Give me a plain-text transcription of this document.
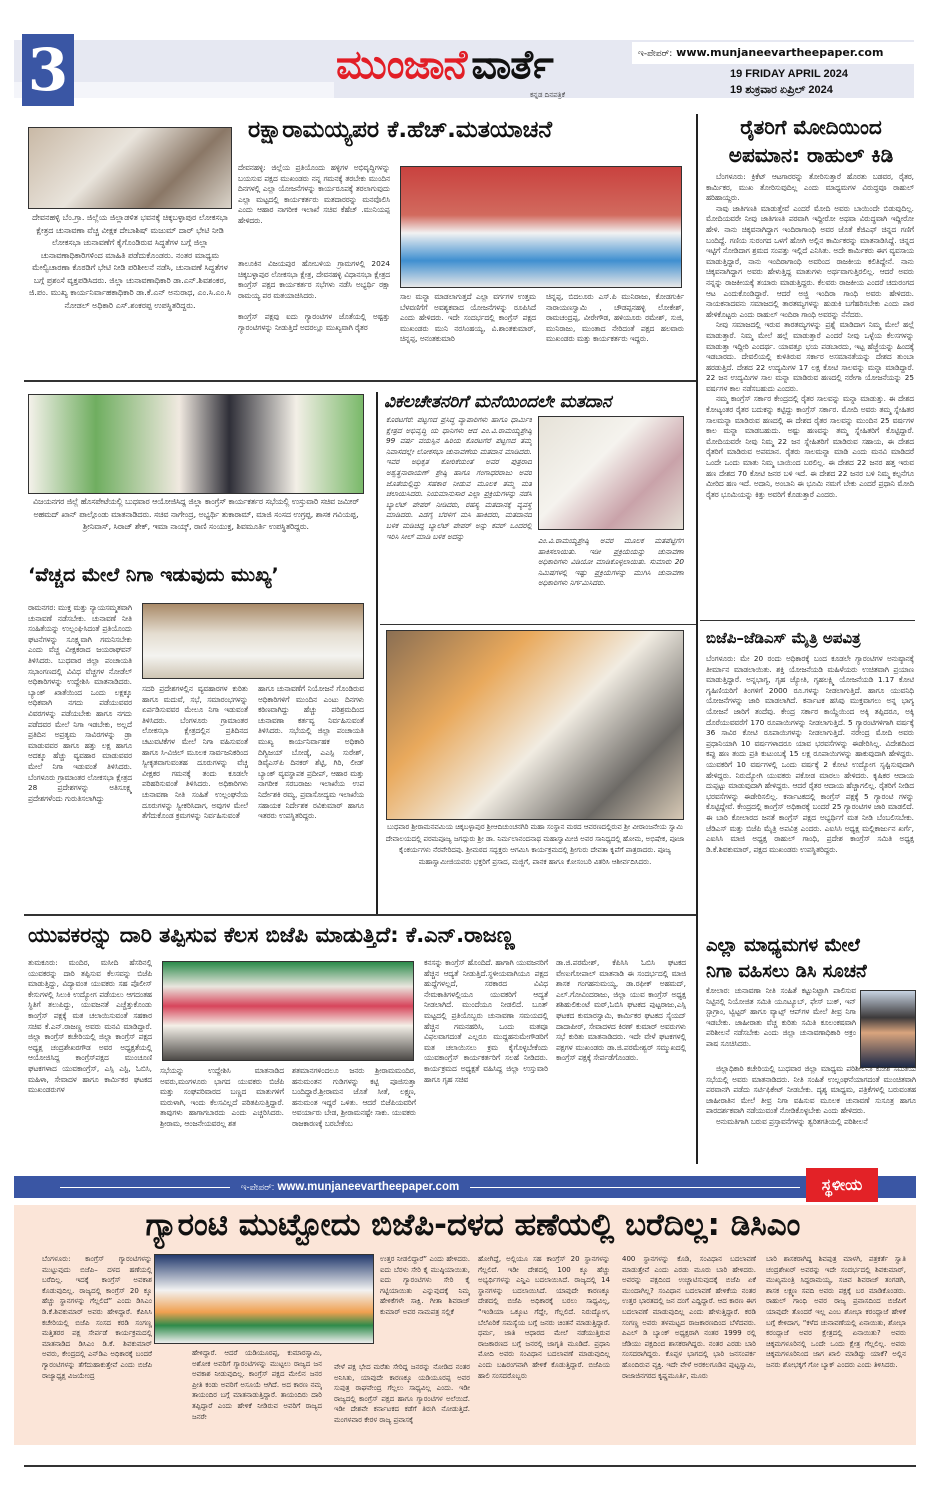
3	ಮುಂಜಾನೆ ವಾರ್ತೆ
ಕನ್ನಡ ದಿನಪತ್ರಿಕೆ
ಇ-ಪೇಪರ್: www.munjaneevartheepaper.com
19 FRIDAY APRIL 2024
19 ಶುಕ್ರವಾರ ಏಪ್ರಿಲ್ 2024
ದೇವನಹಳ್ಳಿ ಬೆಂ.ಗ್ರಾ. ಜಿಲ್ಲೆಯ ಜಿಲ್ಲಾಡಳಿತ ಭವನಕ್ಕೆ ಚಿಕ್ಕಬಳ್ಳಾಪುರ ಲೋಕಸಭಾ ಕ್ಷೇತ್ರದ ಚುನಾವಣಾ ವೆಚ್ಚ ವೀಕ್ಷಕ ದೇಬಾಶಿಷ್ ಮಜುಮ್ ದಾರ್ ಭೇಟಿ ನೀಡಿ ಲೋಕಸಭಾ ಚುನಾವಣೆಗೆ ಕೈಗೊಂಡಿರುವ ಸಿದ್ಧತೆಗಳ ಬಗ್ಗೆ ಜಿಲ್ಲಾ ಚುನಾವಣಾಧಿಕಾರಿಗಳಿಂದ ಮಾಹಿತಿ ಪಡೆದುಕೊಂಡರು. ನಂತರ ಮಾಧ್ಯಮ ಮೇಲ್ವಿಚಾರಣಾ ಕೊಠಡಿಗೆ ಭೇಟಿ ನೀಡಿ ಪರಿಶೀಲನೆ ನಡೆಸಿ, ಚುನಾವಣೆ ಸಿದ್ಧತೆಗಳ ಬಗ್ಗೆ ಪ್ರಶಂಸೆ ವ್ಯಕ್ತಪಡಿಸಿದರು. ಜಿಲ್ಲಾ ಚುನಾವಣಾಧಿಕಾರಿ ಡಾ.ಎನ್.ಶಿವಶಂಕರ, ಜಿ.ಪಂ. ಮುಖ್ಯ ಕಾರ್ಯನಿರ್ವಾಹಕಾಧಿಕಾರಿ ಡಾ.ಕೆ.ಎನ್ ಅನುರಾಧ, ಎಂ.ಸಿ.ಎಂ.ಸಿ ನೋಡಲ್ ಅಧಿಕಾರಿ ಎಸ್.ಶಂಕರಪ್ಪ ಉಪಸ್ಥಿತರಿದ್ದರು.
ರಕ್ಷಾರಾಮಯ್ಯಪರ ಕೆ.ಹೆಚ್.ಮತಯಾಚನೆ
ದೇವನಹಳ್ಳಿ: ಜಿಲ್ಲೆಯ ಪ್ರತಿಯೊಂದು ಹಳ್ಳಿಗಳ ಅಭಿವೃದ್ಧಿಗಳನ್ನು ಬಯಸುವ ಪಕ್ಷದ ಮುಖಂಡರು ನನ್ನ ಗಮನಕ್ಕೆ ತರಬೇಕು ಮುಂದಿನ ದಿನಗಳಲ್ಲಿ ಎಲ್ಲಾ ಯೋಜನೆಗಳನ್ನು ಕಾರ್ಯರೂಪಕ್ಕೆ ತರಲಾಗುವುದು ಎಲ್ಲಾ ಮಟ್ಟದಲ್ಲಿ ಕಾರ್ಯಕರ್ತರು ಮತದಾರರನ್ನು ಮನವೊಲಿಸಿ ಎಂದು ಆಹಾರ ನಾಗರೀಕ ಇಲಾಖೆ ಸಚಿವ ಕೆಹೆಚ್ .ಮುನಿಯಪ್ಪ ಹೇಳಿದರು.
ತಾಲೂಕಿನ ವಿಜಯಪುರ ಹೋಬಳಿಯ ಗ್ರಾಮಗಳಲ್ಲಿ 2024 ಚಿಕ್ಕಬಳ್ಳಾಪುರ ಲೋಕಸಭಾ ಕ್ಷೇತ್ರ, ದೇವನಹಳ್ಳಿ ವಿಧಾನಸಭಾ ಕ್ಷೇತ್ರದ ಕಾಂಗ್ರೆಸ್ ಪಕ್ಷದ ಕಾರ್ಯಕರ್ತರ ಸಭೆಗಳು ನಡೆಸಿ ಅಭ್ಯರ್ಥಿ ರಕ್ಷಾ ರಾಮಯ್ಯ ಪರ ಮತಯಾಚಿಸಿದರು.
ಕಾಂಗ್ರೆಸ್ ಪಕ್ಷವು ಐದು ಗ್ಯಾರಂಟಿಗಳ ಜೊತೆಯಲ್ಲಿ ಅಷ್ಟತ್ತು ಗ್ಯಾರಂಟಿಗಳನ್ನು ನೀಡುತ್ತಿದೆ ಅದರಲ್ಲೂ ಮುಖ್ಯವಾಗಿ ರೈತರ
ಸಾಲ ಮನ್ನಾ ಮಾಡಲಾಗುತ್ತದೆ ಎಲ್ಲಾ ವರ್ಗಗಳ ಉತ್ತಮ ಬೆಳವಣಿಗೆಗೆ ಅವಶ್ಯಕವಾದ ಯೋಜನೆಗಳನ್ನು ರೂಪಿಸಿದೆ ಎಂದು ಹೇಳಿದರು. ಇದೇ ಸಂದರ್ಭದಲ್ಲಿ ಕಾಂಗ್ರೆಸ್ ಪಕ್ಷದ ಮುಖಂಡರು ಮುನಿ ನರಸಿಂಹಯ್ಯ, ವಿ.ಶಾಂತಕುಮಾರ್, ಚಿನ್ನಪ್ಪ, ಅನಂತಕುಮಾರಿ
ಚಿನ್ನಪ್ಪ, ಬಿದಲೂರು ಎಸ್.ಪಿ ಮುನಿರಾಜು, ಕೋಡಗುರ್ಕಿ ನಾರಾಯಣಸ್ವಾಮಿ , ಚೌಡಪ್ಪನಹಳ್ಳಿ ಲೋಕೇಶ್, ರಾಮಚಂದ್ರಪ್ಪ, ವೀರೇಗೌಡ, ಹಳಿಯೂರು ರಮೇಶ್, ಸುಜಿ, ಮುನಿರಾಜು, ಮುಂತಾದ ನೇರಿದಂತೆ ಪಕ್ಷದ ಹಲವಾರು ಮುಖಂಡರು ಮತ್ತು ಕಾರ್ಯಕರ್ತರು ಇದ್ದರು.
ರೈತರಿಗೆ ಮೋದಿಯಿಂದ
ಅಪಮಾನ: ರಾಹುಲ್ ಕಿಡಿ

ಬೆಂಗಳೂರು: ಕ್ರಿಕೆಟ್ ಆಟಗಾರರನ್ನು ತೋರಿಸುತ್ತಾರೆ ಹೊರತು ಬಡವರ, ರೈತರ, ಕಾರ್ಮಿಕರ, ಮುಖ ತೋರಿಸುವುದಿಲ್ಲ ಎಂದು ಮಾಧ್ಯಮಗಳ ವಿರುದ್ಧವೂ ರಾಹುಲ್ ಹರಿಹಾಯ್ದರು.

ನಾವು ಜಾತಿಗಣತಿ ಮಾಡುತ್ತೇವೆ ಎಂದರೆ ಮೋದಿ ಅವರು ಬಾಯಿಂದೇ ಬಿಡುವುದಿಲ್ಲ. ಮೋದಿಯವರೇ ನೀವು ಜಾತಿಗಣತಿ ಪರವಾಗಿ ಇದ್ದೀರೋ ಅಥವಾ ವಿರುದ್ಧವಾಗಿ ಇದ್ದೀರೋ ಹೇಳಿ. ನಾನು ಚಿಕ್ಕವನಾಗಿದ್ದಾಗ ಇಂದಿರಾಗಾಂಧಿ ಅವರ ಜೊತೆ ಕೆಜಿಎಫ್ ಚಿನ್ನದ ಗಣಿಗೆ ಬಂದಿದ್ದೆ. ಗಣಿಯ ಸುರಂಗದ ಒಳಗೆ ಹೋಗಿ ಅಲ್ಲಿನ ಕಾರ್ಮಿಕರನ್ನು ಮಾತನಾಡಿಸಿದ್ದೆ. ಚಿನ್ನದ ಇಟ್ಟಿಗೆ ನೋಡಿದಾಗ ಶ್ರಮದ ಸಂಪತ್ತು ಇಲ್ಲಿದೆ ಎನಿಸಿತು. ಅದೇ ಕಾರ್ಮಿಕರು ಈಗ ವ್ಯವಸಾಯ ಮಾಡುತ್ತಿದ್ದಾರೆ, ನಾನು ಇಂದಿರಾಗಾಂಧಿ ಅವರಿಂದ ರಾಜಕೀಯ ಕಲಿತಿದ್ದೇನೆ. ನಾನು ಚಿಕ್ಕವನಾಗಿದ್ದಾಗ ಅವರು ಹೇಳುತ್ತಿದ್ದ ಮಾತುಗಳು ಅರ್ಥವಾಗುತ್ತಿರಲಿಲ್ಲ. ಆದರೆ ಅವರು ನನ್ನನ್ನು ರಾಜಕೀಯಕ್ಕೆ ತಯಾರು ಮಾಡುತ್ತಿದ್ದರು. ಕೆಲವರು ರಾಜಕೀಯ ಎಂದರೆ ಚದುರಂಗದ ಆಟ ಎಂದುಕೊಂಡಿದ್ದಾರೆ. ಆದರೆ ಅಜ್ಜಿ ಇಂದಿರಾ ಗಾಂಧಿ ಅವರು ಹೇಳಿದರು. ನಾಯಕನಾದವನು ಸಮಾಜದಲ್ಲಿ ತಾರತಮ್ಯಗಳನ್ನು ಹುಡುಕಿ ಬಗೆಹರಿಸಬೇಕು ಎಂದು ಪಾಠ ಹೇಳಿಕೊಟ್ಟರು ಎಂದು ರಾಹುಲ್ ಇಂದಿರಾ ಗಾಂಧಿ ಅವರನ್ನು ನೆನೆದರು.

ನೀವು ಸಮಾಜದಲ್ಲಿ ಇರುವ ತಾರತಮ್ಯಗಳನ್ನು ಪ್ರಶ್ನೆ ಮಾಡಿದಾಗ ನಿಮ್ಮ ಮೇಲೆ ಹಲ್ಲೆ ಮಾಡುತ್ತಾರೆ. ನಿಮ್ಮ ಮೇಲೆ ಹಲ್ಲೆ ಮಾಡುತ್ತಾರೆ ಎಂದರೆ ನೀವು ಒಳ್ಳೆಯ ಕೆಲಸಗಳನ್ನು ಮಾಡುತ್ತಾ ಇದ್ದೀರಿ ಎಂದರ್ಥ. ಯಾವತ್ತೂ ಭಯ ಪಡಬಾರದು, ಇಟ್ಟ ಹೆಜ್ಜೆಯನ್ನು ಹಿಂದಕ್ಕೆ ಇಡಬಾರದು. ದೇವಲಿಯಲ್ಲಿ ಕುಳಿತಿರುವ ಸರ್ಕಾರ ಅಸಮಾನತೆಯನ್ನು ದೇಶದ ತುಂಬಾ ಹರಡುತ್ತಿದೆ. ದೇಶದ 22 ಉದ್ಯಮಿಗಳ 17 ಲಕ್ಷ ಕೋಟಿ ಸಾಲವನ್ನು ಮನ್ನಾ ಮಾಡಿದ್ದಾರೆ. 22 ಜನ ಉದ್ಯಮಿಗಳ ಸಾಲ ಮನ್ನಾ ಮಾಡಿರುವ ಹಣದಲ್ಲಿ ನರೇಗಾ ಯೋಜನೆಯನ್ನು 25 ವರ್ಷಗಳ ಕಾಲ ನಡೆಸಬಹುದು ಎಂದರು.

ನಮ್ಮ ಕಾಂಗ್ರೆಸ್ ಸರ್ಕಾರ ಕೇಂದ್ರದಲ್ಲಿ ರೈತರ ಸಾಲವನ್ನು ಮನ್ನಾ ಮಾಡುತ್ತು. ಈ ದೇಶದ ಕೋಟ್ಯಂತರ ರೈತರ ಬದುಕನ್ನು ಕಟ್ಟಿದ್ದು ಕಾಂಗ್ರೆಸ್ ಸರ್ಕಾರ. ಮೋದಿ ಅವರು ತಮ್ಮ ಸ್ನೇಹಿತರ ಸಾಲಮನ್ನಾ ಮಾಡಿರುವ ಹಣದಲ್ಲಿ ಈ ದೇಶದ ರೈತರ ಸಾಲವನ್ನು ಮುಂದಿನ 25 ವರ್ಷಗಳ ಕಾಲ ಮನ್ನಾ ಮಾಡಬಹುದು. ಅಷ್ಟು ಹಣವನ್ನು ತಮ್ಮ ಸ್ನೇಹಿತರಿಗೆ ಕೊಟ್ಟಿದ್ದಾರೆ. ಮೋದಿಯವರೇ ನೀವು ನಿಮ್ಮ 22 ಜನ ಸ್ನೇಹಿತರಿಗೆ ಮಾಡಿರುವ ಸಹಾಯ, ಈ ದೇಶದ ರೈತರಿಗೆ ಮಾಡಿರುವ ಅಪಮಾನ. ರೈತರು ಸಾಲಮನ್ನಾ ಮಾಡಿ ಎಂದು ಮನವಿ ಮಾಡಿದರೆ ಒಂದೇ ಒಂದು ಮಾತು ನಿಮ್ಮ ಬಾಯಿಂದ ಬರಲಿಲ್ಲ. ಈ ದೇಶದ 22 ಜನರ ಹತ್ತ ಇರುವ ಹಣ ದೇಶದ 70 ಕೋಟಿ ಜನರ ಬಳಿ ಇದೆ. ಈ ದೇಶದ 22 ಜನರ ಬಳಿ ನಿಮ್ಮ ಕಲ್ಪನೆಗೂ ಮೀರಿದ ಹಣ ಇದೆ. ಅದಾನಿ, ಅಂಬಾನಿ ಈ ಭೂಮಿ ನಮಗೆ ಬೇಕು ಎಂದರೆ ಪ್ರಧಾನಿ ಮೋದಿ ರೈತರ ಭೂಮಿಯನ್ನು ಕಿತ್ತು ಅವರಿಗೆ ಕೊಡುತ್ತಾರೆ ಎಂದರು.

ವಿಜಯನಗರ ಜಿಲ್ಲೆ ಹೊಸಪೇಟೆಯಲ್ಲಿ ಬುಧವಾರ ಆಯೋಜಿಸಿದ್ದ ಜಿಲ್ಲಾ ಕಾಂಗ್ರೆಸ್ ಕಾರ್ಯಕರ್ತರ ಸಭೆಯಲ್ಲಿ ಉಸ್ತುವಾರಿ ಸಚಿವ ಜಮೀರ್ ಅಹಮದ್ ಖಾನ್ ಪಾಲ್ಗೊಂಡು ಮಾತನಾಡಿದರು. ಸಚಿವ ನಾಗೇಂದ್ರ, ಅಭ್ಯರ್ಥಿ ತುಕಾರಾಮ್, ಮಾಜಿ ಸಂಸದ ಉಗ್ರಪ್ಪ, ಶಾಸಕ ಗವಿಯಪ್ಪ, ಶ್ರೀನಿವಾಸ್, ಸಿರಾಜ್ ಶೇಕ್, ಇಮಾ ನಾಯ್ಕ್, ರಾಣಿ ಸಂಯುಕ್ತ, ಶಿವಮೂರ್ತಿ ಉಪಸ್ಥಿತರಿದ್ದರು.
ವಿಕಲಚೇತನರಿಗೆ ಮನೆಯಿಂದಲೇ ಮತದಾನ
ಕೊರಟಗೆರೆ: ಪಟ್ಟಣದ ಪ್ರಸಿದ್ಧ ವ್ಯಾಪಾರಿಗಳು ಹಾಗೂ ಧಾರ್ಮಿಕ ಕ್ಷೇತ್ರದ ಅಭಿವೃದ್ಧಿ ಯ ಧಾನಿಗಳು ಆದ ಎಂ.ವಿ.ರಾಮಯ್ಯಶ್ರೇಷ್ಠಿ 99 ವರ್ಷ ವಯಸ್ಸಿನ ಹಿರಿಯ ಕೊರಟಗೆರೆ ಪಟ್ಟಣದ ತಮ್ಮ ನಿವಾಸದಲ್ಲೇ ಲೋಕಸಭಾ ಚುನಾವಣೆಯ ಮತದಾನ ಮಾಡಿದರು. ಇವರ ಅಧಿಕೃತ ಕೋರಿಕೆಯಂತೆ ಅವರ ಪುತ್ರರಾದ ಅಶ್ವತ್ಥನಾರಾಯಣ್ ಶ್ರೇಷ್ಠಿ ಹಾಗೂ ಗಂಗಾಧರರಾಜು ಅವರ ಜೊತೆಯಲ್ಲಿದ್ದು ಸಹಕಾರ ನೀಡುವ ಮೂಲಕ ತಮ್ಮ ಮತ ಚಲಾಯಿಸಿದರು. ನಿಯಮಾನುಸಾರ ಎಲ್ಲಾ ಪ್ರಕ್ರಿಯೆಗಳನ್ನು ನಡೆಸಿ ಬ್ಯಾಲೆಟ್ ಪೇಪರ್ ನೀಡಿದರು, ರಹಸ್ಯ ಮತದಾನಕ್ಕೆ ವ್ಯವಸ್ಥೆ ಮಾಡಿದರು. ಎಡಗೈ ಬೆರಳಿಗೆ ಮಸಿ ಹಾಕಿದರು, ಮತದಾನದ ಬಳಿಕ ಮಡಿಚಿದ್ದ ಬ್ಯಾಲೆಟ್ ಪೇಪರ್ ಅನ್ನು ಕವರ್ ಒಂದರಲ್ಲಿ ಇರಿಸಿ ಸೀಲ್ ಮಾಡಿ ಬಳಿಕ ಅದನ್ನು	ಎಂ.ವಿ.ರಾಮಯ್ಯಶ್ರೇಷ್ಠಿ ಅವರ ಮೂಲಕ ಮತಪೆಟ್ಟಿಗೆಗೆ ಹಾಕಿಸಲಾಯಿತು. ಇಡೀ ಪ್ರಕ್ರಿಯೆಯನ್ನು ಚುನಾವಣಾ ಅಧಿಕಾರಿಗಳು ವಿಡಿಯೋ ಮಾಡಿಕೊಳ್ಳಲಾಯಿತು. ಸುಮಾರು 20 ನಿಮಿಷಗಳಲ್ಲಿ ಇಷ್ಟು ಪ್ರಕ್ರಿಯೆಗಳನ್ನು ಮುಗಿಸಿ ಚುನಾವಣಾ ಅಧಿಕಾರಿಗಳು ನಿರ್ಗಮಿಸಿದರು.
ಬಿಜೆಪಿ–ಜೆಡಿಎಸ್ ಮೈತ್ರಿ ಅಪವಿತ್ರ
ಬೆಂಗಳೂರು: ಮೇ 20 ರಂದು ಅಧಿಕಾರಕ್ಕೆ ಬಂದ ಕೂಡಲೇ ಗ್ಯಾರಂಟಿಗಳ ಅನುಷ್ಠಾನಕ್ಕೆ ತೀರ್ಮಾನ ಮಾಡಲಾಯಿತು. ಶಕ್ತಿ ಯೋಜನೆಯಡಿ ಮಹಿಳೆಯರು ಉಚಿತವಾಗಿ ಪ್ರಯಾಣ ಮಾಡುತ್ತಿದ್ದಾರೆ. ಅನ್ನಭಾಗ್ಯ, ಗೃಹ ಜ್ಯೋತಿ, ಗೃಹಲಕ್ಷ್ಮಿ ಯೋಜನೆಯಡಿ 1.17 ಕೋಟಿ ಗೃಹಿಣಿಯರಿಗೆ ತಿಂಗಳಿಗೆ 2000 ರೂ.ಗಳನ್ನು ನೀಡಲಾಗುತ್ತಿದೆ. ಹಾಗೂ ಯುವನಿಧಿ ಯೋಜನೆಗಳನ್ನು ಜಾರಿ ಮಾಡಲಾಗಿದೆ. ಕರ್ನಾಟಕ ಹಸಿವು ಮುಕ್ತವಾಗಲು ಅನ್ನ ಭಾಗ್ಯ ಯೋಜನೆ ಜಾರಿಗೆ ತಂದೆವು. ಕೇಂದ್ರ ಸರ್ಕಾರ ಕಾಯ್ದೆಯಿಂದ ಅಕ್ಕಿ ತಪ್ಪಿದರೂ, ಅಕ್ಕಿ ದೊರೆಯುವವರೆಗೆ 170 ರೂಪಾಯಿಗಳನ್ನು ನೀಡಲಾಗುತ್ತಿದೆ. 5 ಗ್ಯಾರಂಟಿಗಳಿಗಾಗಿ ವರ್ಷಕ್ಕೆ 36 ಸಾವಿರ ಕೋಟಿ ರೂಪಾಯಿಗಳನ್ನು ನೀಡಲಾಗುತ್ತಿದೆ. ನರೇಂದ್ರ ಮೋದಿ ಅವರು ಪ್ರಧಾನಿಯಾಗಿ 10 ವರ್ಷಗಳಾದರೂ ಯಾವ ಭರವಸೆಗಳನ್ನು ಈಡೇರಿಸಿಲ್ಲ. ವಿದೇಶದಿಂದ ಕಪ್ಪು ಹಣ ತಂದು ಪ್ರತಿ ಕುಟುಂಬಕ್ಕೆ 15 ಲಕ್ಷ ರೂಪಾಯಿಗಳನ್ನು ಹಾಕುವುದಾಗಿ ಹೇಳಿದ್ದರು. ಯುವಕರಿಗೆ 10 ವರ್ಷಗಳಲ್ಲಿ ಒಂದು ವರ್ಷಕ್ಕೆ 2 ಕೋಟಿ ಉದ್ಯೋಗ ಸೃಷ್ಟಿಸುವುದಾಗಿ ಹೇಳಿದ್ದರು. ನಿರುದ್ಯೋಗಿ ಯುವಕರು ಪಕೋಡ ಮಾರಲು ಹೇಳಿದರು. ಕೃಷಿಕರ ಆದಾಯ ದುಪ್ಪಟ್ಟು ಮಾಡುವುದಾಗಿ ಹೇಳಿದ್ದರು. ಆದರೆ ರೈತರ ಆದಾಯ ಹೆಚ್ಚಾಗಲಿಲ್ಲ. ರೈತರಿಗೆ ನೀಡಿದ ಭರವಸೆಗಳನ್ನು ಈಡೇರಿಸಲಿಲ್ಲ. ಕರ್ನಾಟಕದಲ್ಲಿ ಕಾಂಗ್ರೆಸ್ ಪಕ್ಷಕ್ಕೆ 5 ಗ್ಯಾರಂಟಿ ಗಳನ್ನು ಕೊಟ್ಟಿದ್ದೇವೆ. ಕೇಂದ್ರದಲ್ಲಿ ಕಾಂಗ್ರೆಸ್ ಅಧಿಕಾರಕ್ಕೆ ಬಂದರೆ 25 ಗ್ಯಾರಂಟಿಗಳ ಜಾರಿ ಮಾಡಲಿದೆ. ಈ ಬಾರಿ ಕೋಲಾರದ ಜನತೆ ಕಾಂಗ್ರೆಸ್ ಪಕ್ಷದ ಅಭ್ಯರ್ಥಿಗೆ ಮತ ನೀಡಿ ಬೆಂಬಲಿಸಬೇಕು. ಜೆಡಿಎಸ್ ಮತ್ತು ಬಿಜೆಪಿ ಮೈತ್ರಿ ಅಪವಿತ್ರ ಎಂದರು. ಎಐಸಿಸಿ ಅಧ್ಯಕ್ಷ ಮಲ್ಲಿಕಾರ್ಜುನ ಖರ್ಗೆ, ಎಐಸಿಸಿ ಮಾಜಿ ಅಧ್ಯಕ್ಷ ರಾಹುಲ್ ಗಾಂಧಿ, ಪ್ರದೇಶ ಕಾಂಗ್ರೆಸ್ ಸಮಿತಿ ಅಧ್ಯಕ್ಷ ಡಿ.ಕೆ.ಶಿವಕುಮಾರ್, ಪಕ್ಷದ ಮುಖಂಡರು ಉಪಸ್ಥಿತರಿದ್ದರು.
‘ವೆಚ್ಚದ ಮೇಲೆ ನಿಗಾ ಇಡುವುದು ಮುಖ್ಯ’
ರಾಮನಗರ: ಮುಕ್ತ ಮತ್ತು ನ್ಯಾಯಸಮ್ಮತವಾಗಿ ಚುನಾವಣೆ ನಡೆಸಬೇಕು. ಚುನಾವಣೆ ನೀತಿ ಸಂಹಿತೆಯನ್ನು ಉಲ್ಲಂಘಿಸಿದಂತೆ ಪ್ರತಿಯೊಂದು ಘಟನೆಗಳನ್ನು ಸೂಕ್ಷ್ಮವಾಗಿ ಗಮನಿಸಬೇಕು ಎಂದು ವೆಚ್ಚ ವೀಕ್ಷಕರಾದ ಜಯರಾಘವನ್ ತಿಳಿಸಿದರು. ಬುಧವಾರ ಜಿಲ್ಲಾ ಪಂಚಾಯತಿ ಸಭಾಂಗಣದಲ್ಲಿ ವಿವಿಧ ವೆಚ್ಚಗಳ ನೋಡೆಲ್ ಅಧಿಕಾರಿಗಳನ್ನು ಉದ್ದೇಶಿಸಿ ಮಾತನಾಡಿದರು. ಬ್ಯಾಂಕ್ ಖಾತೆಯಿಂದ ಒಂದು ಲಕ್ಷಕ್ಕೂ ಅಧಿಕವಾಗಿ ನಗದು ಪಡೆಯುವವರ ವಿವರಗಳನ್ನು ಪಡೆಯಬೇಕು ಹಾಗೂ ನಗದು ಪಡೆದವರ ಮೇಲೆ ನಿಗಾ ಇಡಬೇಕು, ಅಲ್ಲದೆ ಪ್ರತಿದಿನ ಅಪ್ರತ್ಯಮ ಸಾವಿರಗಳನ್ನು ಡ್ರಾ ಮಾಡುವವರ ಹಾಗೂ ಹತ್ತು ಲಕ್ಷ ಹಾಗೂ ಅದಕ್ಕೂ ಹೆಚ್ಚು ವ್ಯವಹಾರ ಮಾಡುವವರ ಮೇಲೆ ನಿಗಾ ಇಡುವಂತೆ ತಿಳಿಸಿದರು. ಬೆಂಗಳೂರು ಗ್ರಾಮಾಂತರ ಲೋಕಸಭಾ ಕ್ಷೇತ್ರದ 28 ಪ್ರದೇಶಗಳನ್ನು ಅತಿಸೂಕ್ಷ್ಮ ಪ್ರದೇಶಗಳೆಂದು ಗುರುತಿಸಲಾಗಿದ್ದು
ಸದರಿ ಪ್ರದೇಶಗಳಲ್ಲಿನ ವ್ಯವಹಾರಗಳ ಕುರಿತು ಹಾಗೂ ಮದುವೆ, ಸಭೆ, ಸಮಾರಂಭಗಳನ್ನು ಏರ್ಪಡಿಸುವವರ ಮೇಲೂ ನಿಗಾ ಇಡುವಂತೆ ತಿಳಿಸಿದರು. ಬೆಂಗಳೂರು ಗ್ರಾಮಾಂತರ ಲೋಕಸಭಾ ಕ್ಷೇತ್ರದಲ್ಲಿನ ಪ್ರತಿದಿನದ ಚಟುವಟಿಕೆಗಳ ಮೇಲೆ ನಿಗಾ ವಹಿಸುವಂತೆ ಹಾಗೂ ಸಿ-ವಿಜಿಲ್ ಮೂಲಕ ಸಾರ್ವಜನಿಕರಿಂದ ಸ್ವೀಕೃತವಾಗುವಂತಹ ದೂರುಗಳನ್ನು ವೆಚ್ಚ ವೀಕ್ಷಕರ ಗಮನಕ್ಕೆ ತಂದು ಕೂಡಲೇ ಪರಿಹರಿಸುವಂತೆ ತಿಳಿಸಿದರು. ಅಧಿಕಾರಿಗಳು ಚುನಾವಣಾ ನೀತಿ ಸಂಹಿತೆ ಉಲ್ಲಂಘನೆಯ ದೂರುಗಳನ್ನು ಸ್ವೀಕರಿಸಿದಾಗ, ಅವುಗಳ ಮೇಲೆ ತೆಗೆದುಕೊಂಡ ಕ್ರಮಗಳನ್ನು ನಿರ್ವಹಿಸುವಂತೆ
ಹಾಗೂ ಚುನಾವಣೆಗೆ ನಿಯೋಜನೆ ಗೊಂಡಿರುವ ಅಧಿಕಾರಿಗಳಿಗೆ ಮುಂದಿನ ಎಂಟು ದಿನಗಳು ಕಠಿಣವಾಗಿದ್ದು ಹೆಚ್ಚು ಪರಿಶ್ರಮದಿಂದ ಚುನಾವಣಾ ಕರ್ತವ್ಯ ನಿರ್ವಹಿಸುವಂತೆ ತಿಳಿಸಿದರು. ಸಭೆಯಲ್ಲಿ ಜಿಲ್ಲಾ ಪಂಚಾಯತಿ ಮುಖ್ಯ ಕಾರ್ಯನಿರ್ವಾಹಕ ಅಧಿಕಾರಿ ದಿಗ್ವಿಜಯ್ ಬೋಡ್ಕೆ, ಎಎಸ್ಪಿ ಸುರೇಶ್, ಡಿವೈಎಸ್‌ಪಿ ದಿನಕರ್ ಶೆಟ್ಟಿ, ಗಿರಿ, ಲೀಡ್ ಬ್ಯಾಂಕ್ ವ್ಯವಸ್ಥಾಪಕ ಪ್ರದೀಪ್, ಆಹಾರ ಮತ್ತು ನಾಗರೀಕ ಸರಬರಾಜು ಇಲಾಖೆಯ ಉಪ ನಿರ್ದೇಶಕಿ ರಮ್ಯ, ಪ್ರವಾಸೋದ್ಯಮ ಇಲಾಖೆಯ ಸಹಾಯಕ ನಿರ್ದೇಶಕ ರವಿಕುಮಾರ್ ಹಾಗೂ ಇತರರು ಉಪಸ್ಥಿತರಿದ್ದರು.
ಬುಧವಾರ ಶ್ರೀರಾಮನವಮಿಯ ಚಿಕ್ಕಬಳ್ಳಾಪುರ ಶ್ರೀಆದಿಚುಂಚನಗಿರಿ ಮಹಾ ಸಂಸ್ಥಾನ ಮಠದ ಆವರಣದಲ್ಲಿರುವ ಶ್ರೀ ವೀರಾಂಜನೇಯ ಸ್ವಾಮಿ ದೇವಾಲಯದಲ್ಲಿ ಪರಮಪೂಜ್ಯ ಜಗದ್ಗುರು ಶ್ರೀ ಡಾ. ನಿರ್ಮಲಾನಂದನಾಥ ಮಹಾಸ್ವಾಮೀಜಿ ಅವರ ಸಾನಿಧ್ಯದಲ್ಲಿ ಹೋಮ, ಅಭಿಷೇಕ, ಪೂಜಾ ಕೈಂಕರ್ಯಗಳು ನೆರವೇರಿದವು. ಶ್ರೀಮಠದ ಸದ್ಭಕ್ತರು ಆಗಮಿಸಿ ಕಾರ್ಯಕ್ರಮದಲ್ಲಿ ಶ್ರೀಗುರು ದೇವತಾ ಕೃಪೆಗೆ ಪಾತ್ರರಾದರು. ಪೂಜ್ಯ ಮಹಾಸ್ವಾಮೀಜಿಯವರು ಭಕ್ತರಿಗೆ ಪ್ರಸಾದ, ಮಜ್ಜಿಗೆ, ಪಾನಕ ಹಾಗೂ ಕೋಸಂಬರಿ ವಿತರಿಸಿ ಆಶೀರ್ವದಿಸಿದರು.
ಯುವಕರನ್ನು ದಾರಿ ತಪ್ಪಿಸುವ ಕೆಲಸ ಬಿಜೆಪಿ ಮಾಡುತ್ತಿದೆ: ಕೆ.ಎನ್.ರಾಜಣ್ಣ
ತುಮಕೂರು: ಮಂದಿರ, ಮಸೀದಿ ಹೆಸರಿನಲ್ಲಿ ಯುವಕರನ್ನು ದಾರಿ ತಪ್ಪಿಸುವ ಕೆಲಸವನ್ನು ಬಿಜೆಪಿ ಮಾಡುತ್ತಿದ್ದು, ವಿದ್ಯಾವಂತ ಯುವಕರು ಸಹ ಪೊಲೀಸ್ ಕೇಸುಗಳಲ್ಲಿ ಸಿಲುಕಿ ಉದ್ಯೋಗ ಪಡೆಯಲು ಆಗದಂತಹ ಸ್ಥಿತಿಗೆ ತಲುಪಿದ್ದು, ಯುವಜನತೆ ಎಚ್ಚೆತ್ತುಕೊಂಡು ಕಾಂಗ್ರೆಸ್ ಪಕ್ಷಕ್ಕೆ ಮತ ಚಲಾಯಿಸುವಂತೆ ಸಹಕಾರ ಸಚಿವ ಕೆ.ಎನ್.ರಾಜಣ್ಣ ಅವರು ಮನವಿ ಮಾಡಿದ್ದಾರೆ. ಜಿಲ್ಲಾ ಕಾಂಗ್ರೆಸ್ ಕಚೇರಿಯಲ್ಲಿ ಜಿಲ್ಲಾ ಕಾಂಗ್ರೆಸ್ ಪಕ್ಷದ ಅಧ್ಯಕ್ಷ ಚಂದ್ರಶೇಖರಗೌಡ ಅವರ ಅಧ್ಯಕ್ಷತೆಯಲ್ಲಿ ಆಯೋಜಿಸಿದ್ದ ಕಾಂಗ್ರೆಸ್‌ಪಕ್ಷದ ಮುಂಚೂಣಿ ಘಟಕಗಳಾದ ಯುವಕಾಂಗ್ರೆಸ್, ಎಸ್ಸಿ ಎಸ್ಟಿ, ಓಬಿಸಿ, ಮಹಿಳಾ, ಸೇವಾದಳ ಹಾಗೂ ಕಾರ್ಮಿಕರ ಘಟಕದ ಮುಖಂಡರುಗಳ
ಸಭೆಯನ್ನು ಉದ್ದೇಶಿಸಿ ಮಾತನಾಡಿದ ಅವರು,ಮಂಗಳೂರು ಭಾಗದ ಯುವಕರು ಬಿಜೆಪಿ ಮತ್ತು ಸಂಘಪರಿವಾರದ ಬಣ್ಣದ ಮಾತುಗಳಿಗೆ ಮರುಳಾಗಿ, ಇಂದು ಕೆಲಸವಿಲ್ಲದೆ ಪರಿತಪಿಸುತ್ತಿದ್ದಾರೆ. ತಾವುಗಳು ಹಾಗಾಗಬಾರದು ಎಂದು ಎಚ್ಚರಿಸಿದರು. ಶ್ರೀರಾಮ, ಆಂಜನೇಯವರಲ್ಲ ಶತ
ಶತಮಾನಗಳಿಂದಲೂ ಜನರು ಶ್ರೀರಾಮಮಂದಿರ, ಹನುಮಂತನ ಗುಡಿಗಳನ್ನು ಕಟ್ಟಿ ಪೂಜಿಸುತ್ತಾ ಬಂದಿದ್ದಾರೆ.ಶ್ರೀರಾಮನ ಜೊತೆ ಸೀತೆ, ಲಕ್ಷ್ಮಣ, ಹನುಮಂತ ಇದ್ದರೆ ಒಳಿತು. ಆದರೆ ಬಿಜೆಪಿಯವರಿಗೆ ಅವರ್ಯಾರು ಬೇಡ, ಶ್ರೀರಾಮನಷ್ಟೇ ಸಾಕು. ಯುವಕರು ರಾಜಕಾರಣಕ್ಕೆ ಬರಬೇಕೆಂಬ
ಕನಸನ್ನು ಕಾಂಗ್ರೆಸ್ ಹೊಂದಿದೆ. ಹಾಗಾಗಿ ಯುವಜನರಿಗೆ ಹೆಚ್ಚಿನ ಆದ್ಯತೆ ನೀಡುತ್ತಿದೆ.ಸ್ಥಳೀಯವಾಗಿಯೂ ಪಕ್ಷದ ಹುದ್ದೆಗಳಲ್ಲದೆ, ಸರಕಾರದ ವಿವಿಧ ನೇಮಕಾತಿಗಳಲ್ಲಿಯೂ ಯುವಕರಿಗೆ ಆದ್ಯತೆ ನೀಡಲಾಗಿದೆ. ಮುಂದೆಯೂ ನೀಡಲಿದೆ. ಬೂತ್ ಮಟ್ಟದಲ್ಲಿ ಪ್ರತಿಯೊಬ್ಬರು ಚುನಾವಣಾ ಸಮಯದಲ್ಲಿ ಹೆಚ್ಚಿನ ಗಮನಹರಿಸಿ, ಒಂದು ಮತವೂ ವಿಫಲವಾಗದಂತೆ ಎಲ್ಲರೂ ಮುದ್ದಹನುಮೇಗೌಡರಿಗೆ ಮತ ಚಲಾಯಿಸಲು ಕ್ರಮ ಕೈಗೊಳ್ಳಬೇಕೆಂದು ಯುವಕಾಂಗ್ರೆಸ್ ಕಾರ್ಯಕರ್ತರಿಗೆ ಸಲಹೆ ನೀಡಿದರು. ಕಾರ್ಯಕ್ರಮದ ಅಧ್ಯಕ್ಷತೆ ವಹಿಸಿದ್ದ ಜಿಲ್ಲಾ ಉಸ್ತುವಾರಿ ಹಾಗೂ ಗೃಹ ಸಚಿವ
ಡಾ.ಜಿ.ಪರಮೇಶ್, ಕೆಪಿಸಿಸಿ ಓಬಿಸಿ ಘಟಕದ ವೇಣುಗೋಪಾಲ್ ಮಾತನಾಡಿ ಈ ಸಂದರ್ಭದಲ್ಲಿ ಮಾಜಿ ಶಾಸಕ ಗಂಗಹನುಮಯ್ಯ, ಡಾ.ರಫೀಕ್ ಅಹಮದ್, ಎಲ್.ಗೋವಿಂದರಾಜು, ಜಿಲ್ಲಾ ಯುವ ಕಾಂಗ್ರೆಸ್ ಅಧ್ಯಕ್ಷ ಶಶಿಹುಲಿಕುಂಟೆ ಮಠ್,ಓಬಿಸಿ ಘಟಕದ ಪುಟ್ಟರಾಜು,ಎಸ್ಸಿ ಘಟಕದ ಕುಮಾರಸ್ವಾಮಿ, ಕಾರ್ಮಿಕರ ಘಟಕದ ಸೈಯದ್ ದಾದಾಪೀರ್, ಸೇವಾದಳದ ಕಿರಣ್ ಕುಮಾರ್ ಅವರುಗಳು ಸಭೆ ಕುರಿತು ಮಾತನಾಡಿದರು. ಇದೇ ವೇಳೆ ಘಟಕಗಳಲ್ಲಿ ಪಕ್ಷಗಳ ಮುಖಂಡರು ಡಾ.ಜಿ.ಪರಮೇಶ್ವರ್ ಸಮ್ಮುಖದಲ್ಲಿ ಕಾಂಗ್ರೆಸ್ ಪಕ್ಷಕ್ಕೆ ಸೇರ್ಪಡೆಗೊಂಡರು.
ಎಲ್ಲಾ ಮಾಧ್ಯಮಗಳ ಮೇಲೆ
ನಿಗಾ ವಹಿಸಲು ಡಿಸಿ ಸೂಚನೆ
ಕೋಲಾರ: ಚುನಾವಣಾ ನೀತಿ ಸಂಹಿತೆ ಕಟ್ಟುನಿಟ್ಟಾಗಿ ಪಾಲಿಸುವ ನಿಟ್ಟಿನಲ್ಲಿ ನಿಯೋಜಿತ ಸಮಿತಿ ಯೂಟ್ಯೂಬ್, ಫೇಸ್ ಬುಕ್, ಇನ್ ಸ್ಟಾಗ್ರಾಂ, ಟ್ವಿಟ್ಟರ್ ಹಾಗೂ ವ್ಯಾಟ್ಸ್ ಆಪ್‌ಗಳ ಮೇಲೆ ತೀವ್ರ ನಿಗಾ ಇಡಬೇಕು. ಜಾಹೀರಾತು ವೆಚ್ಚ ಕುರಿತು ಸಮಿತಿ ಕೂಲಂಕಷವಾಗಿ ಪರಿಶೀಲನೆ ನಡೆಸಬೇಕು ಎಂದು ಜಿಲ್ಲಾ ಚುನಾವಣಾಧಿಕಾರಿ ಅಕ್ರಂ ಪಾಷ ಸೂಚಿಸಿದರು.

ಜಿಲ್ಲಾಧಿಕಾರಿ ಕಚೇರಿಯಲ್ಲಿ ಬುಧವಾರ ಜಿಲ್ಲಾ ಮಾಧ್ಯಮ ಪರಿಶೀಲನಾ ಕೋಶ ಸಮಿತಿಯ ಸಭೆಯಲ್ಲಿ ಅವರು ಮಾತನಾಡಿದರು. ನೀತಿ ಸಂಹಿತೆ ಉಲ್ಲಂಘನೆಯಾಗದಂತೆ ಮುಂಚಿತವಾಗಿ ಪರವಾನಗಿ ಪಡೆದು ಸರ್ಟಿಫಿಕೇಟ್ ನೀಡಬೇಕು. ದೃಶ್ಯ ಮಾಧ್ಯಮ, ಪತ್ರಿಕೆಗಳಲ್ಲಿ ಬರುವಂತಹ ಜಾಹೀರಾತಿನ ಮೇಲೆ ತೀವ್ರ ನಿಗಾ ವಹಿಸುವ ಮೂಲಕ ಚುನಾವಣೆ ಸುಸೂತ್ರ ಹಾಗೂ ಪಾರದರ್ಶಕವಾಗಿ ನಡೆಯುವಂತೆ ನೋಡಿಕೊಳ್ಳಬೇಕು ಎಂದು ಹೇಳಿದರು.

ಅನುಮತಿಗಾಗಿ ಬರುವ ಪ್ರಸ್ತಾವನೆಗಳನ್ನು ತ್ವರಿತಗತಿಯಲ್ಲಿ ಪರಿಶೀಲನೆ

ಇ-ಪೇಪರ್: www.munjaneevartheepaper.com	ಸ್ಥಳೀಯ
ಗ್ಯಾರಂಟಿ ಮುಟ್ಟೋದು ಬಿಜೆಪಿ-ದಳದ ಹಣೆಯಲ್ಲಿ ಬರೆದಿಲ್ಲ: ಡಿಸಿಎಂ
ಬೆಂಗಳೂರು: ಕಾಂಗ್ರೆಸ್ ಗ್ಯಾರಂಟಿಗಳನ್ನು ಮುಟ್ಟುವುದು ಬಿಜೆಪಿ– ದಳದ ಹಣೆಯಲ್ಲಿ ಬರೆದಿಲ್ಲ. ಇದಕ್ಕೆ ಕಾಂಗ್ರೆಸ್ ಅವಕಾಶ ಕೊಡುವುದಿಲ್ಲ. ರಾಜ್ಯದಲ್ಲಿ ಕಾಂಗ್ರೆಸ್ 20 ಕ್ಕೂ ಹೆಚ್ಚು ಸ್ಥಾನಗಳನ್ನು ಗೆಲ್ಲಲಿದೆ” ಎಂದು ಡಿಸಿಎಂ ಡಿ.ಕೆ.ಶಿವಕುಮಾರ್ ಅವರು ಹೇಳಿದ್ದಾರೆ. ಕೆಪಿಸಿಸಿ ಕಚೇರಿಯಲ್ಲಿ ಬಿಜೆಪಿ ಸಂಸದ ಕರಡಿ ಸಂಗಣ್ಣ ಮತ್ತಿತರರ ಪಕ್ಷ ಸೇರ್ಪಡೆ ಕಾರ್ಯಕ್ರಮದಲ್ಲಿ ಮಾತನಾಡಿದ ಡಿಸಿಎಂ ಡಿ.ಕೆ. ಶಿವಕುಮಾರ್ ಅವರು, ಕೇಂದ್ರದಲ್ಲಿ ಎನ್‌ಡಿಎ ಅಧಿಕಾರಕ್ಕೆ ಬಂದರೆ ಗ್ಯಾರಂಟಿಗಳನ್ನು ತೆಗೆದುಹಾಕುತ್ತೇವೆ ಎಂದು ಬಿಜೆಪಿ ರಾಜ್ಯಾಧ್ಯಕ್ಷ ವಿಜಯೇಂದ್ರ
ಹೇಳಿದ್ದಾರೆ. ಆದರೆ ಯಡಿಯೂರಪ್ಪ, ಕುಮಾರಸ್ವಾಮಿ, ಅಶೋಕ ಅವರಿಗೆ ಗ್ಯಾರಂಟಿಗಳನ್ನು ಮುಟ್ಟಲು ರಾಜ್ಯದ ಜನ ಅವಕಾಶ ನೀಡುವುದಿಲ್ಲ. ಕಾಂಗ್ರೆಸ್ ಪಕ್ಷದ ಮೇಲಿನ ಜನರ ಪ್ರೀತಿ ಕಂಡು ಅವರಿಗೆ ಅಸೂಯೆ ಆಗಿದೆ. ಅದ ಕಾರಣ ನಮ್ಮ ತಾಯಂದಿರ ಬಗ್ಗೆ ಮಾತನಾಡುತ್ತಿದ್ದಾರೆ. ತಾಯಂದಿರು ದಾರಿ ತಪ್ಪಿದ್ದಾರೆ ಎಂದು ಹೇಳಿಕೆ ನೀಡಿರುವ ಅವರಿಗೆ ರಾಜ್ಯದ ಜನರೇ
ಉತ್ತರ ನೀಡಲಿದ್ದಾರೆ” ಎಂದು ಹೇಳಿದರು. ಐದು ಬೆರಳು ಸೇರಿ ಕೈ ಮುಷ್ಠಿಯಾಯಿತು, ಐದು ಗ್ಯಾರಂಟಿಗಳು ಸೇರಿ ಕೈ ಗಟ್ಟಿಯಾಯಿತು ಎನ್ನುವುದಕ್ಕೆ ನಿಮ್ಮ ಹೇಳಿಕೆಗಳೇ ಸಾಕ್ಷಿ. ಗೀತಾ ಶಿವರಾಜ್ ಕುಮಾರ್ ಅವರ ನಾಮಪತ್ರ ಸಲ್ಲಿಕೆ
ವೇಳೆ ಪಕ್ಷ ಭೇದ ಮರೆತು ಸೇರಿದ್ದ ಜನರನ್ನು ನೋಡಿದ ನಂತರ ಅನಿಸಿತು, ಯಾವುದೇ ಕಾರಣಕ್ಕೂ ಯಡಿಯೂರಪ್ಪ ಅವರ ಸುಪುತ್ರ ರಾಘವೇಂದ್ರ ಗೆಲ್ಲಲು ಸಾಧ್ಯವಿಲ್ಲ ಎಂದು. ಇಡೀ ರಾಜ್ಯದಲ್ಲಿ ಕಾಂಗ್ರೆಸ್ ಪಕ್ಷದ ಹಾಗೂ ಗ್ಯಾರಂಟಿಗಳ ಅಲೆಯಿದೆ. ಇಡೀ ದೇಶವೇ ಕರ್ನಾಟಕದ ಕಡೆಗೆ ತಿರುಗಿ ನೋಡುತ್ತಿದೆ. ಮಂಗಳವಾರ ಕೇರಳ ರಾಜ್ಯ ಪ್ರವಾಸಕ್ಕೆ
ಹೋಗಿದ್ದೆ, ಅಲ್ಲಿಯೂ ಸಹ ಕಾಂಗ್ರೆಸ್ 20 ಸ್ಥಾನಗಳನ್ನು ಗೆಲ್ಲಲಿದೆ. ಇಡೀ ದೇಶದಲ್ಲಿ 100 ಕ್ಕೂ ಹೆಚ್ಚು ಅಭ್ಯರ್ಥಿಗಳನ್ನು ಎನ್ಡಿಎ ಬದಲಾಯಿಸಿದೆ. ರಾಜ್ಯದಲ್ಲಿ 14 ಸ್ಥಾನಗಳನ್ನು ಬದಲಾಯಿಸಿದೆ. ಯಾವುದೇ ಕಾರಣಕ್ಕೂ ದೇಶದಲ್ಲಿ ಬಿಜೆಪಿ ಅಧಿಕಾರಕ್ಕೆ ಬರಲು ಸಾಧ್ಯವಿಲ್ಲ, “ಇಂಡಿಯಾ ಒಕ್ಕೂಟ ಗೆದ್ದೇ, ಗೆಲ್ಲಲಿದೆ. ನಿರುದ್ಯೋಗ, ಬೆಲೆಏರಿಕೆ ಸಮಸ್ಯೆಯ ಬಗ್ಗೆ ಜನರು ಚಿಂತನೆ ಮಾಡುತ್ತಿದ್ದಾರೆ. ಧರ್ಮ, ಜಾತಿ ಆಧಾರದ ಮೇಲೆ ನಡೆಯುತ್ತಿರುವ ರಾಜಕಾರಣದ ಬಗ್ಗೆ ಜನರಲ್ಲಿ ಜಾಗೃತಿ ಮೂಡಿದೆ. ಪ್ರಧಾನಿ ಮೋದಿ ಅವರು ಸಂವಿಧಾನ ಬದಲಾವಣೆ ಮಾಡುವುದಿಲ್ಲ ಎಂದು ಬಹಿರಂಗವಾಗಿ ಹೇಳಿಕೆ ಕೊಡುತ್ತಿದ್ದಾರೆ. ಬಿಜೆಪಿಯ ಹಾಲಿ ಸಂಸದರೊಬ್ಬರು
400 ಸ್ಥಾನಗಳನ್ನು ಕೊಡಿ, ಸಂವಿಧಾನ ಬದಲಾವಣೆ ಮಾಡುತ್ತೇವೆ ಎಂದು ಎರಡು ಮೂರು ಬಾರಿ ಹೇಳಿದರು. ಅವರನ್ನು ಪಕ್ಷದಿಂದ ಉಚ್ಚಾಟಿಸುವುದಕ್ಕೆ ಬಿಜೆಪಿ ಏಕೆ ಮುಂದಾಗಿಲ್ಲ? ಸಂವಿಧಾನ ಬದಲಾವಣೆ ಹೇಳಿಕೆಯ ನಂತರ ಉತ್ತರ ಭಾರತದಲ್ಲಿ ಜನ ದಂಗೆ ಎದ್ದಿದ್ದಾರೆ. ಆದ ಕಾರಣ ಈಗ ಬದಲಾವಣೆ ಮಾಡುವುದಿಲ್ಲ ಎಂದು ಹೇಳುತ್ತಿದ್ದಾರೆ. ಕರಡಿ ಸಂಗಣ್ಣ ಅವರು ತಳಮಟ್ಟದ ರಾಜಕಾರಣದಿಂದ ಬೆಳೆದವರು. ಪಿಎಲ್‌ ಡಿ ಬ್ಯಾಂಕ್ ಅಧ್ಯಕ್ಷರಾಗಿ ನಂತರ 1999 ರಲ್ಲಿ ಜೆಡಿಯು ಪಕ್ಷದಿಂದ ಶಾಸಕರಾಗಿದ್ದರು. ನಂತರ ಎರಡು ಬಾರಿ ಸಂಸದರಾಗಿದ್ದರು. ಕೊಪ್ಪಳ ಭಾಗದಲ್ಲಿ ಭಾರಿ ಜನಸಂಪರ್ಕ ಹೊಂದಿರುವ ವ್ಯಕ್ತಿ. ಇದೇ ವೇಳೆ ಅರಕಲಗೂಡಿನ ಪುಟ್ಟಸ್ವಾಮಿ, ರಾಜಾಜಿನಗರದ ಕೃಷ್ಣಮೂರ್ತಿ, ಮೂರು
ಬಾರಿ ಶಾಸಕರಾಗಿದ್ದ ಶಿವಪುತ್ರ ಮಾಳಗಿ, ಪತ್ರಕರ್ತೆ ಸ್ವಾತಿ ಚಂದ್ರಶೇಖರ್ ಅವರನ್ನು ಇದೇ ಸಂದರ್ಭದಲ್ಲಿ ಶಿವಕುಮಾರ್, ಮುಖ್ಯಮಂತ್ರಿ ಸಿದ್ದರಾಮಯ್ಯ, ಸಚಿವ ಶಿವರಾಜ್ ತಂಗಡಗಿ, ಶಾಸಕ ಲಕ್ಷ್ಮಣ ಸವದಿ ಅವರು ಪಕ್ಷಕ್ಕೆ ಬರ ಮಾಡಿಕೊಂಡರು. ರಾಹುಲ್ ಗಾಂಧಿ ಅವರ ರಾಜ್ಯ ಪ್ರವಾಸದಿಂದ ಬಿಜೆಪಿಗೆ ಯಾವುದೇ ತೊಂದರೆ ಇಲ್ಲ ಎಂಬ ಶೋಭಾ ಕರಂದ್ಲಾಜೆ ಹೇಳಿಕೆ ಬಗ್ಗೆ ಕೇಳಿದಾಗ, “ಕಳೆದ ಚುನಾವಣೆಯಲ್ಲಿ ಏನಾಯಿತು, ಶೋಭಾ ಕರಂದ್ಲಾಜೆ ಅವರ ಕ್ಷೇತ್ರದಲ್ಲಿ ಏನಾಯಿತು? ಅವರು ಚಿಕ್ಕಮಗಳೂರಿನಲ್ಲಿ ಒಂದೇ ಒಂದು ಕ್ಷೇತ್ರ ಗೆಲ್ಲಲಿಲ್ಲ. ಅವರು ಚಿಕ್ಕಮಗಳೂರಿನಿಂದ ಜಾಗ ಖಾಲಿ ಮಾಡಿದ್ದು ಯಾಕೆ? ಅಲ್ಲಿನ ಜನರು ಶೋಭಕ್ಕಗೆ ಗೋ ಬ್ಯಾಕ್ ಎಂದರು ಎಂದು ತಿಳಿಸಿದರು.
